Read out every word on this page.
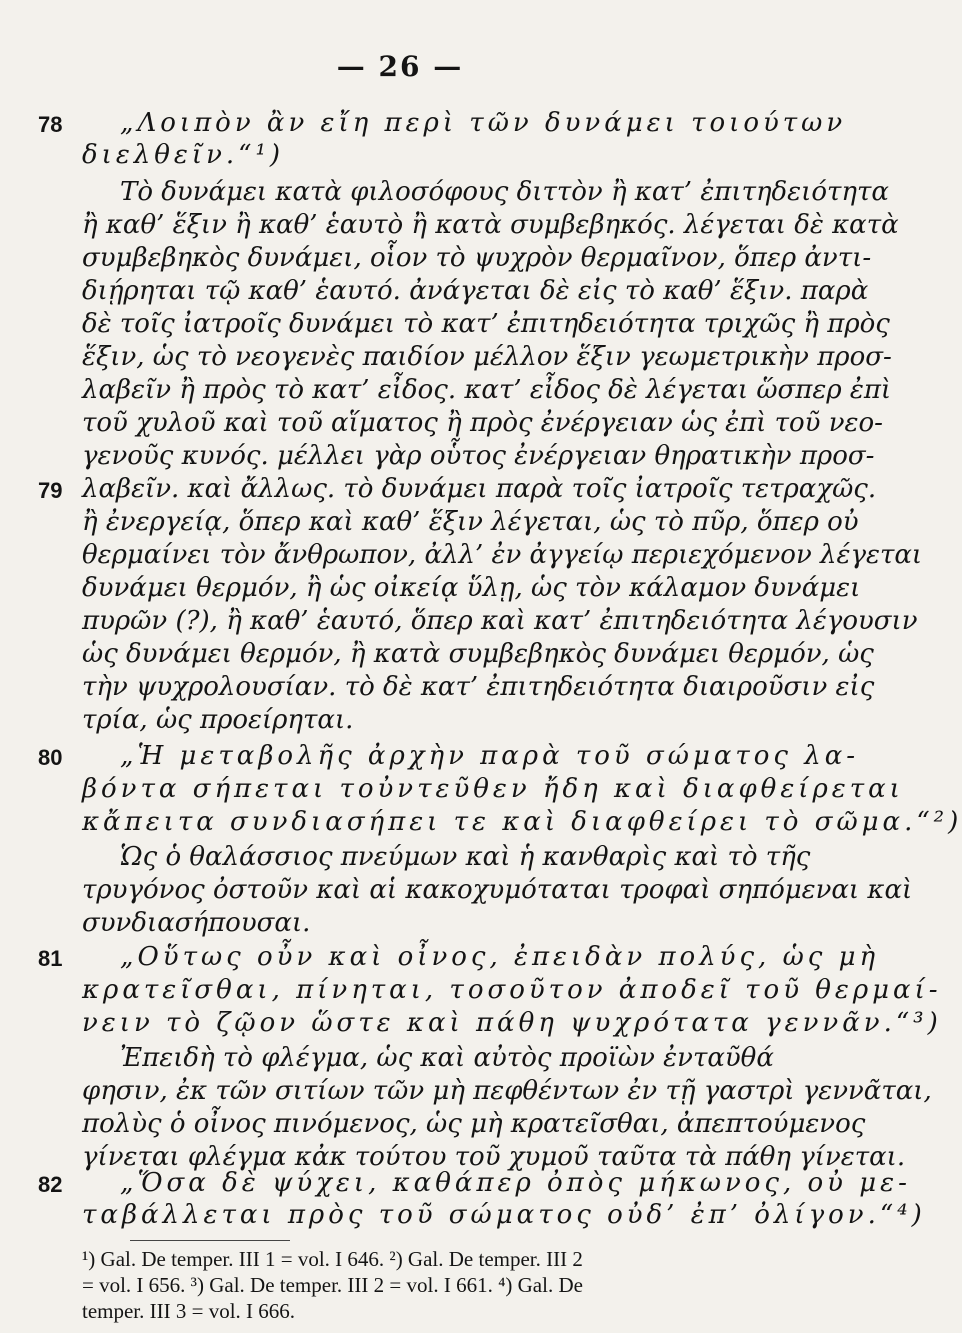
— 26 —
78 „Λοιπὸν ἂν εἴη περὶ τῶν δυνάμει τοιούτων
διελθεῖν.“¹)
Τὸ δυνάμει κατὰ φιλοσόφους διττὸν ἢ κατ’ ἐπιτηδειότητα
ἢ καθ’ ἕξιν ἢ καθ’ ἑαυτὸ ἢ κατὰ συμβεβηκός. λέγεται δὲ κατὰ
συμβεβηκὸς δυνάμει, οἷον τὸ ψυχρὸν θερμαῖνον, ὅπερ ἀντι-
διῄρηται τῷ καθ’ ἑαυτό. ἀνάγεται δὲ εἰς τὸ καθ’ ἕξιν. παρὰ
δὲ τοῖς ἰατροῖς δυνάμει τὸ κατ’ ἐπιτηδειότητα τριχῶς ἢ πρὸς
ἕξιν, ὡς τὸ νεογενὲς παιδίον μέλλον ἕξιν γεωμετρικὴν προσ-
λαβεῖν ἢ πρὸς τὸ κατ’ εἶδος. κατ’ εἶδος δὲ λέγεται ὥσπερ ἐπὶ
τοῦ χυλοῦ καὶ τοῦ αἵματος ἢ πρὸς ἐνέργειαν ὡς ἐπὶ τοῦ νεο-
γενοῦς κυνός. μέλλει γὰρ οὗτος ἐνέργειαν θηρατικὴν προσ-
79 λαβεῖν. καὶ ἄλλως. τὸ δυνάμει παρὰ τοῖς ἰατροῖς τετραχῶς.
ἢ ἐνεργείᾳ, ὅπερ καὶ καθ’ ἕξιν λέγεται, ὡς τὸ πῦρ, ὅπερ οὐ
θερμαίνει τὸν ἄνθρωπον, ἀλλ’ ἐν ἀγγείῳ περιεχόμενον λέγεται
δυνάμει θερμόν, ἢ ὡς οἰκείᾳ ὕλῃ, ὡς τὸν κάλαμον δυνάμει
πυρῶν (?), ἢ καθ’ ἑαυτό, ὅπερ καὶ κατ’ ἐπιτηδειότητα λέγουσιν
ὡς δυνάμει θερμόν, ἢ κατὰ συμβεβηκὸς δυνάμει θερμόν, ὡς
τὴν ψυχρολουσίαν. τὸ δὲ κατ’ ἐπιτηδειότητα διαιροῦσιν εἰς
τρία, ὡς προείρηται.
80 „Ἡ μεταβολῆς ἀρχὴν παρὰ τοῦ σώματος λα-
βόντα σήπεται τοὐντεῦθεν ἤδη καὶ διαφθείρεται
κἄπειτα συνδιασήπει τε καὶ διαφθείρει τὸ σῶμα.“²)
Ὡς ὁ θαλάσσιος πνεύμων καὶ ἡ κανθαρὶς καὶ τὸ τῆς
τρυγόνος ὀστοῦν καὶ αἱ κακοχυμόταται τροφαὶ σηπόμεναι καὶ
συνδιασήπουσαι.
81 „Οὕτως οὖν καὶ οἶνος, ἐπειδὰν πολύς, ὡς μὴ
κρατεῖσθαι, πίνηται, τοσοῦτον ἀποδεῖ τοῦ θερμαί-
νειν τὸ ζῷον ὥστε καὶ πάθη ψυχρότατα γεννᾶν.“³)
Ἐπειδὴ τὸ φλέγμα, ὡς καὶ αὐτὸς προϊὼν ἐνταῦθά
φησιν, ἐκ τῶν σιτίων τῶν μὴ πεφθέντων ἐν τῇ γαστρὶ γεννᾶται,
πολὺς ὁ οἶνος πινόμενος, ὡς μὴ κρατεῖσθαι, ἀπεπτούμενος
γίνεται φλέγμα κἀκ τούτου τοῦ χυμοῦ ταῦτα τὰ πάθη γίνεται.
82 „Ὅσα δὲ ψύχει, καθάπερ ὀπὸς μήκωνος, οὐ με-
ταβάλλεται πρὸς τοῦ σώματος οὐδ’ ἐπ’ ὀλίγον.“⁴)
¹) Gal. De temper. III 1 = vol. I 646. ²) Gal. De temper. III 2
= vol. I 656. ³) Gal. De temper. III 2 = vol. I 661. ⁴) Gal. De
temper. III 3 = vol. I 666.
